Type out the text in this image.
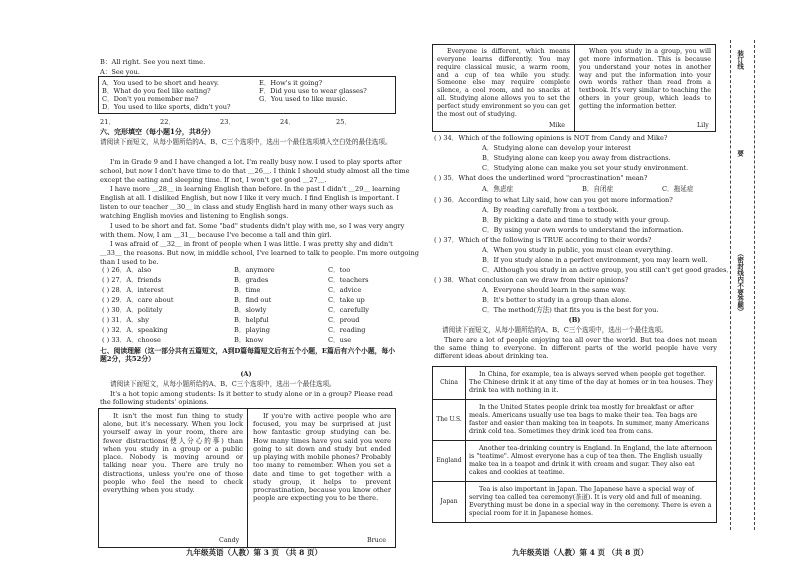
B：All right. See you next time.
A：See you.
A．You used to be short and heavy.	E．How's it going?
B．What do you feel like eating?	F．Did you use to wear glasses?
C．Don't you remember me?	G．You used to like music.
D．You used to like sports, didn't you?
21．	22．	23．	24．	25．
六、完形填空（每小题1分，共8分）
请阅读下面短文，从每小题所给的A、B、C三个选项中，选出一个最佳选项填入空白处的最佳选项。
I'm in Grade 9 and I have changed a lot. I'm really busy now. I used to play sports after
school, but now I don't have time to do that ＿26＿. I think I should study almost all the time
except the eating and sleeping time. If not, I won't get good ＿27＿.
I have more ＿28＿ in learning English than before. In the past I didn't ＿29＿ learning
English at all. I disliked English, but now I like it very much. I find English is important. I
listen to our teacher ＿30＿ in class and study English hard in many other ways such as
watching English movies and listening to English songs.
I used to be short and fat. Some "bad" students didn't play with me, so I was very angry
with them. Now, I am ＿31＿ because I've become a tall and thin girl.
I was afraid of ＿32＿ in front of people when I was little. I was pretty shy and didn't
＿33＿ the reasons. But now, in middle school, I've learned to talk to people. I'm more outgoing
than I used to be.
( ) 26．A．also	B．anymore	C．too
( ) 27．A．friends	B．grades	C．teachers
( ) 28．A．interest	B．time	C．advice
( ) 29．A．care about	B．find out	C．take up
( ) 30．A．politely	B．slowly	C．carefully
( ) 31．A．shy	B．helpful	C．proud
( ) 32．A．speaking	B．playing	C．reading
( ) 33．A．choose	B．know	C．use
七、阅读理解（这一部分共有五篇短文，A到D篇每篇短文后有五个小题，E篇后有六个小题，每小题2分，共52分）
(A)
请阅读下面短文，从每小题所给的A、B、C三个选项中，选出一个最佳选项。
It's a hot topic among students: Is it better to study alone or in a group? Please read the following students' opinions.
It isn't the most fun thing to study alone, but it's necessary. When you lock yourself away in your room, there are fewer distractions(使人分心的事) than when you study in a group or a public place. Nobody is moving around or talking near you. There are truly no distractions, unless you're one of those people who feel the need to check everything when you study.
Candy
If you're with active people who are focused, you may be surprised at just how fantastic group studying can be. How many times have you said you were going to sit down and study but ended up playing with mobile phones? Probably too many to remember. When you set a date and time to get together with a study group, it helps to prevent procrastination, because you know other people are expecting you to be there.
Bruce
九年级英语（人教）第 3 页 （共 8 页）
Everyone is different, which means everyone learns differently. You may require classical music, a warm room, and a cup of tea while you study. Someone else may require complete silence, a cool room, and no snacks at all. Studying alone allows you to set the perfect study environment so you can get the most out of studying.
Mike
When you study in a group, you will get more information. This is because you understand your notes in another way and put the information into your own words rather than read from a textbook. It's very similar to teaching the others in your group, which leads to getting the information better.
Lily
( ) 34．Which of the following opinions is NOT from Candy and Mike?
A．Studying alone can develop your interest
B．Studying alone can keep you away from distractions.
C．Studying alone can make you set your study environment.
( ) 35．What does the underlined word "procrastination" mean?
A．焦虑症	B．自闭症	C．拖延症
( ) 36．According to what Lily said, how can you get more information?
A．By reading carefully from a textbook.
B．By picking a date and time to study with your group.
C．By using your own words to understand the information.
( ) 37．Which of the following is TRUE according to their words?
A．When you study in public, you must clean everything.
B．If you study alone in a perfect environment, you may learn well.
C．Although you study in an active group, you still can't get good grades．
( ) 38．What conclusion can we draw from their opinions?
A．Everyone should learn in the same way.
B．It's better to study in a group than alone.
C．The method(方法) that fits you is the best for you.
(B)
请阅读下面短文，从每小题所给的A、B、C三个选项中，选出一个最佳选项。
There are a lot of people enjoying tea all over the world. But tea does not mean the same thing to everyone. In different parts of the world people have very different ideas about drinking tea.
China	In China, for example, tea is always served when people get together. The Chinese drink it at any time of the day at homes or in tea houses. They drink tea with nothing in it.
The U.S.	In the United States people drink tea mostly for breakfast or after meals. Americans usually use tea bags to make their tea. Tea bags are faster and easier than making tea in teapots. In summer, many Americans drink cold tea. Sometimes they drink iced tea from cans.
England	Another tea-drinking country is England. In England, the late afternoon is "teatime". Almost everyone has a cup of tea then. The English usually make tea in a teapot and drink it with cream and sugar. They also eat cakes and cookies at teatime.
Japan	Tea is also important in Japan. The Japanese have a special way of serving tea called tea ceremony(茶道). It is very old and full of meaning. Everything must be done in a special way in the ceremony. There is even a special room for it in Japanese homes.
九年级英语（人教）第 4 页 （共 8 页）
装订线
要
（密封线内不要答题）
